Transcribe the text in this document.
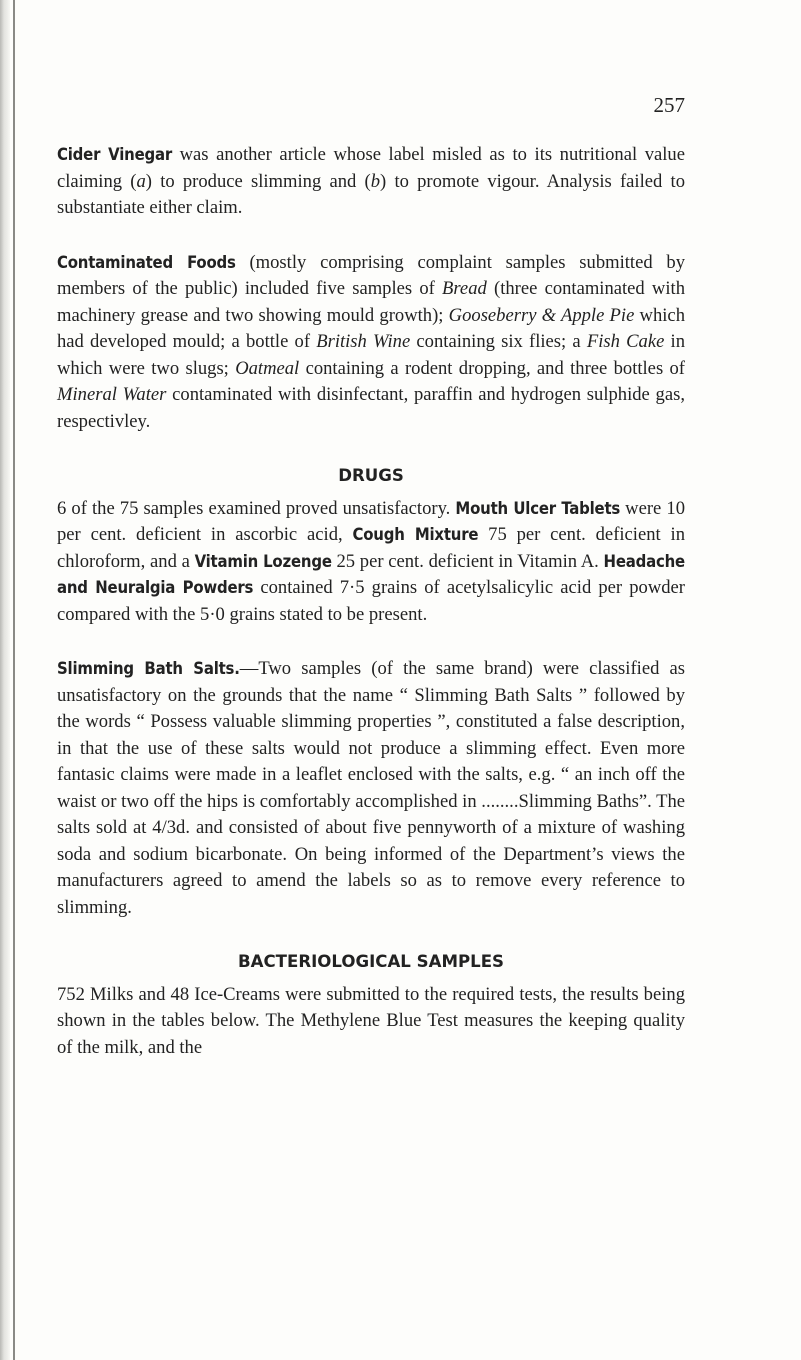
257

Cider Vinegar was another article whose label misled as to its nutritional value claiming (a) to produce slimming and (b) to promote vigour. Analysis failed to substantiate either claim.

Contaminated Foods (mostly comprising complaint samples submitted by members of the public) included five samples of Bread (three contaminated with machinery grease and two showing mould growth); Gooseberry & Apple Pie which had developed mould; a bottle of British Wine containing six flies; a Fish Cake in which were two slugs; Oatmeal containing a rodent dropping, and three bottles of Mineral Water contaminated with disinfectant, paraffin and hydrogen sulphide gas, respectivley.

DRUGS

6 of the 75 samples examined proved unsatisfactory. Mouth Ulcer Tablets were 10 per cent. deficient in ascorbic acid, Cough Mixture 75 per cent. deficient in chloroform, and a Vitamin Lozenge 25 per cent. deficient in Vitamin A. Headache and Neuralgia Powders contained 7·5 grains of acetylsalicylic acid per powder compared with the 5·0 grains stated to be present.

Slimming Bath Salts.—Two samples (of the same brand) were classified as unsatisfactory on the grounds that the name “ Slimming Bath Salts ” followed by the words “ Possess valuable slimming properties ”, constituted a false description, in that the use of these salts would not produce a slimming effect. Even more fantasic claims were made in a leaflet enclosed with the salts, e.g. “ an inch off the waist or two off the hips is comfortably accomplished in ........Slimming Baths”. The salts sold at 4/3d. and consisted of about five pennyworth of a mixture of washing soda and sodium bicarbonate. On being informed of the Department’s views the manufacturers agreed to amend the labels so as to remove every reference to slimming.

BACTERIOLOGICAL SAMPLES

752 Milks and 48 Ice-Creams were submitted to the required tests, the results being shown in the tables below. The Methylene Blue Test measures the keeping quality of the milk, and the
